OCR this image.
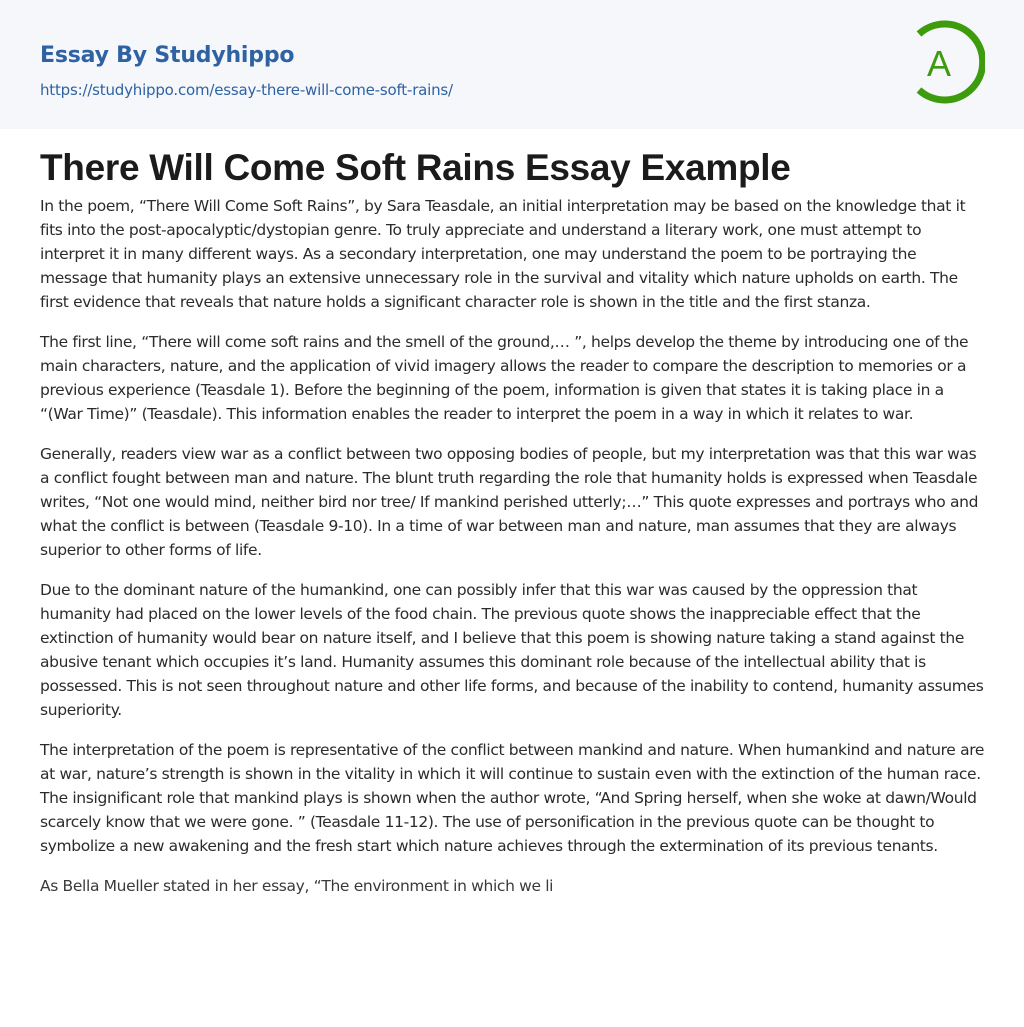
Essay By Studyhippo
https://studyhippo.com/essay-there-will-come-soft-rains/
A
There Will Come Soft Rains Essay Example

In the poem, “There Will Come Soft Rains”, by Sara Teasdale, an initial interpretation may be based on the knowledge that it fits into the post-apocalyptic/dystopian genre. To truly appreciate and understand a literary work, one must attempt to interpret it in many different ways. As a secondary interpretation, one may understand the poem to be portraying the message that humanity plays an extensive unnecessary role in the survival and vitality which nature upholds on earth. The first evidence that reveals that nature holds a significant character role is shown in the title and the first stanza.

The first line, “There will come soft rains and the smell of the ground,… ”, helps develop the theme by introducing one of the main characters, nature, and the application of vivid imagery allows the reader to compare the description to memories or a previous experience (Teasdale 1). Before the beginning of the poem, information is given that states it is taking place in a “(War Time)” (Teasdale). This information enables the reader to interpret the poem in a way in which it relates to war.

Generally, readers view war as a conflict between two opposing bodies of people, but my interpretation was that this war was a conflict fought between man and nature. The blunt truth regarding the role that humanity holds is expressed when Teasdale writes, “Not one would mind, neither bird nor tree/ If mankind perished utterly;…” This quote expresses and portrays who and what the conflict is between (Teasdale 9-10). In a time of war between man and nature, man assumes that they are always superior to other forms of life.

Due to the dominant nature of the humankind, one can possibly infer that this war was caused by the oppression that humanity had placed on the lower levels of the food chain. The previous quote shows the inappreciable effect that the extinction of humanity would bear on nature itself, and I believe that this poem is showing nature taking a stand against the abusive tenant which occupies it’s land. Humanity assumes this dominant role because of the intellectual ability that is possessed. This is not seen throughout nature and other life forms, and because of the inability to contend, humanity assumes superiority.

The interpretation of the poem is representative of the conflict between mankind and nature. When humankind and nature are at war, nature’s strength is shown in the vitality in which it will continue to sustain even with the extinction of the human race. The insignificant role that mankind plays is shown when the author wrote, “And Spring herself, when she woke at dawn/Would scarcely know that we were gone. ” (Teasdale 11-12). The use of personification in the previous quote can be thought to symbolize a new awakening and the fresh start which nature achieves through the extermination of its previous tenants.

As Bella Mueller stated in her essay, “The environment in which we li
